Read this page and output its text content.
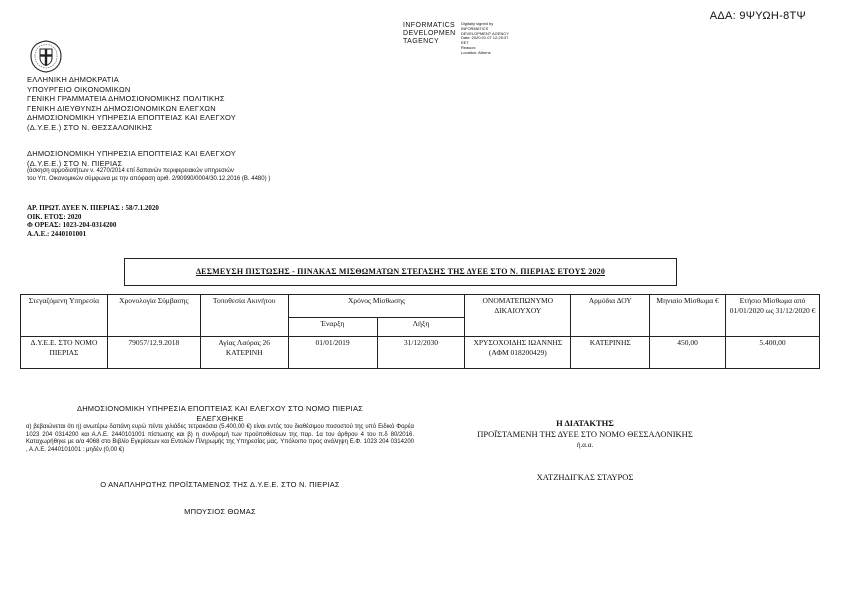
ΑΔΑ: 9ΨΥΩΗ-8ΤΨ
INFORMATICS
DEVELOPMEN
TAGENCY
Digitally signed by
INFORMATICS
DEVELOPMENT AGENCY
Date: 2020.01.07 12:25:37
EET
Reason:
Location: Athens
ΕΛΛΗΝΙΚΗ ΔΗΜΟΚΡΑΤΙΑ
ΥΠΟΥΡΓΕΙΟ ΟΙΚΟΝΟΜΙΚΩΝ
ΓΕΝΙΚΗ ΓΡΑΜΜΑΤΕΙΑ ΔΗΜΟΣΙΟΝΟΜΙΚΗΣ ΠΟΛΙΤΙΚΗΣ
ΓΕΝΙΚΗ ΔΙΕΥΘΥΝΣΗ ΔΗΜΟΣΙΟΝΟΜΙΚΩΝ ΕΛΕΓΧΩΝ
ΔΗΜΟΣΙΟΝΟΜΙΚΗ ΥΠΗΡΕΣΙΑ ΕΠΟΠΤΕΙΑΣ ΚΑΙ ΕΛΕΓΧΟΥ
(Δ.Υ.Ε.Ε.) ΣΤΟ Ν. ΘΕΣΣΑΛΟΝΙΚΗΣ
ΔΗΜΟΣΙΟΝΟΜΙΚΗ ΥΠΗΡΕΣΙΑ ΕΠΟΠΤΕΙΑΣ ΚΑΙ ΕΛΕΓΧΟΥ
(Δ.Υ.Ε.Ε.) ΣΤΟ Ν. ΠΙΕΡΙΑΣ
(άσκηση αρμοδιοτήτων ν. 4270/2014 επί δαπανών περιφερειακών υπηρεσιών
του Υπ. Οικονομικών σύμφωνα με την απόφαση αριθ. 2/90990/0004/30.12.2016 (Β. 4480) )
ΑΡ. ΠΡΩΤ. ΔΥΕΕ Ν. ΠΙΕΡΙΑΣ : 58/7.1.2020
ΟΙΚ. ΕΤΟΣ: 2020
Φ ΟΡΕΑΣ: 1023-204-0314200
Α.Λ.Ε.: 2440101001
ΔΕΣΜΕΥΣΗ ΠΙΣΤΩΣΗΣ - ΠΙΝΑΚΑΣ ΜΙΣΘΩΜΑΤΩΝ ΣΤΕΓΑΣΗΣ ΤΗΣ ΔΥΕΕ ΣΤΟ Ν. ΠΙΕΡΙΑΣ ΕΤΟΥΣ 2020
Στεγαζόμενη Υπηρεσία	Χρονολογία Σύμβασης	Τοποθεσία Ακινήτου	Χρόνος Μίσθωσης		ΟΝΟΜΑΤΕΠΩΝΥΜΟ ΔΙΚΑΙΟΥΧΟΥ	Αρμόδια ΔΟΥ	Μηνιαίο Μίσθωμα €	Ετήσιο Μίσθωμα από 01/01/2020 ως 31/12/2020 €
			Έναρξη	Λήξη				
Δ.Υ.Ε.Ε. ΣΤΟ ΝΟΜΟ ΠΙΕΡΙΑΣ	79057/12.9.2018	Αγίας Λαύρας 26 ΚΑΤΕΡΙΝΗ	01/01/2019	31/12/2030	ΧΡΥΣΟΧΟΙΔΗΣ ΙΩΑΝΝΗΣ (ΑΦΜ 018200429)	ΚΑΤΕΡΙΝΗΣ	450,00	5.400,00
ΔΗΜΟΣΙΟΝΟΜΙΚΗ ΥΠΗΡΕΣΙΑ ΕΠΟΠΤΕΙΑΣ ΚΑΙ ΕΛΕΓΧΟΥ ΣΤΟ ΝΟΜΟ ΠΙΕΡΙΑΣ
ΕΛΕΓΧΘΗΚΕ
α) βεβαιώνεται ότι η) ανωτέρω δαπάνη ευρώ πέντε χιλιάδες τετρακόσια (5.400,00 €) είναι εντός του διαθέσιμου ποσοστού της υπό Ειδικό Φορέα 1023 204 0314200 και Α.Λ.Ε. 2440101001 πίστωσης και β) η συνδρομή των προϋποθέσεων της παρ. 1α του άρθρου 4 του π.δ 80/2016. Καταχωρήθηκε με α/α 4068 στο Βιβλίο Εγκρίσεων και Εντολών Πληρωμής της Υπηρεσίας μας. Υπόλοιπο προς ανάληψη Ε.Φ. 1023 204 0314200 , Α.Λ.Ε. 2440101001 : μηδέν (0,00 €)
Ο ΑΝΑΠΛΗΡΩΤΗΣ ΠΡΟΪΣΤΑΜΕΝΟΣ ΤΗΣ Δ.Υ.Ε.Ε. ΣΤΟ Ν. ΠΙΕΡΙΑΣ
ΜΠΟΥΣΙΟΣ ΘΩΜΑΣ
Η ΔΙΑΤΑΚΤΗΣ
ΠΡΟΪΣΤΑΜΕΝΗ ΤΗΣ ΔΥΕΕ ΣΤΟ ΝΟΜΟ ΘΕΣΣΑΛΟΝΙΚΗΣ
ή.α.α.
ΧΑΤΖΗΔΙΓΚΑΣ ΣΤΑΥΡΟΣ
